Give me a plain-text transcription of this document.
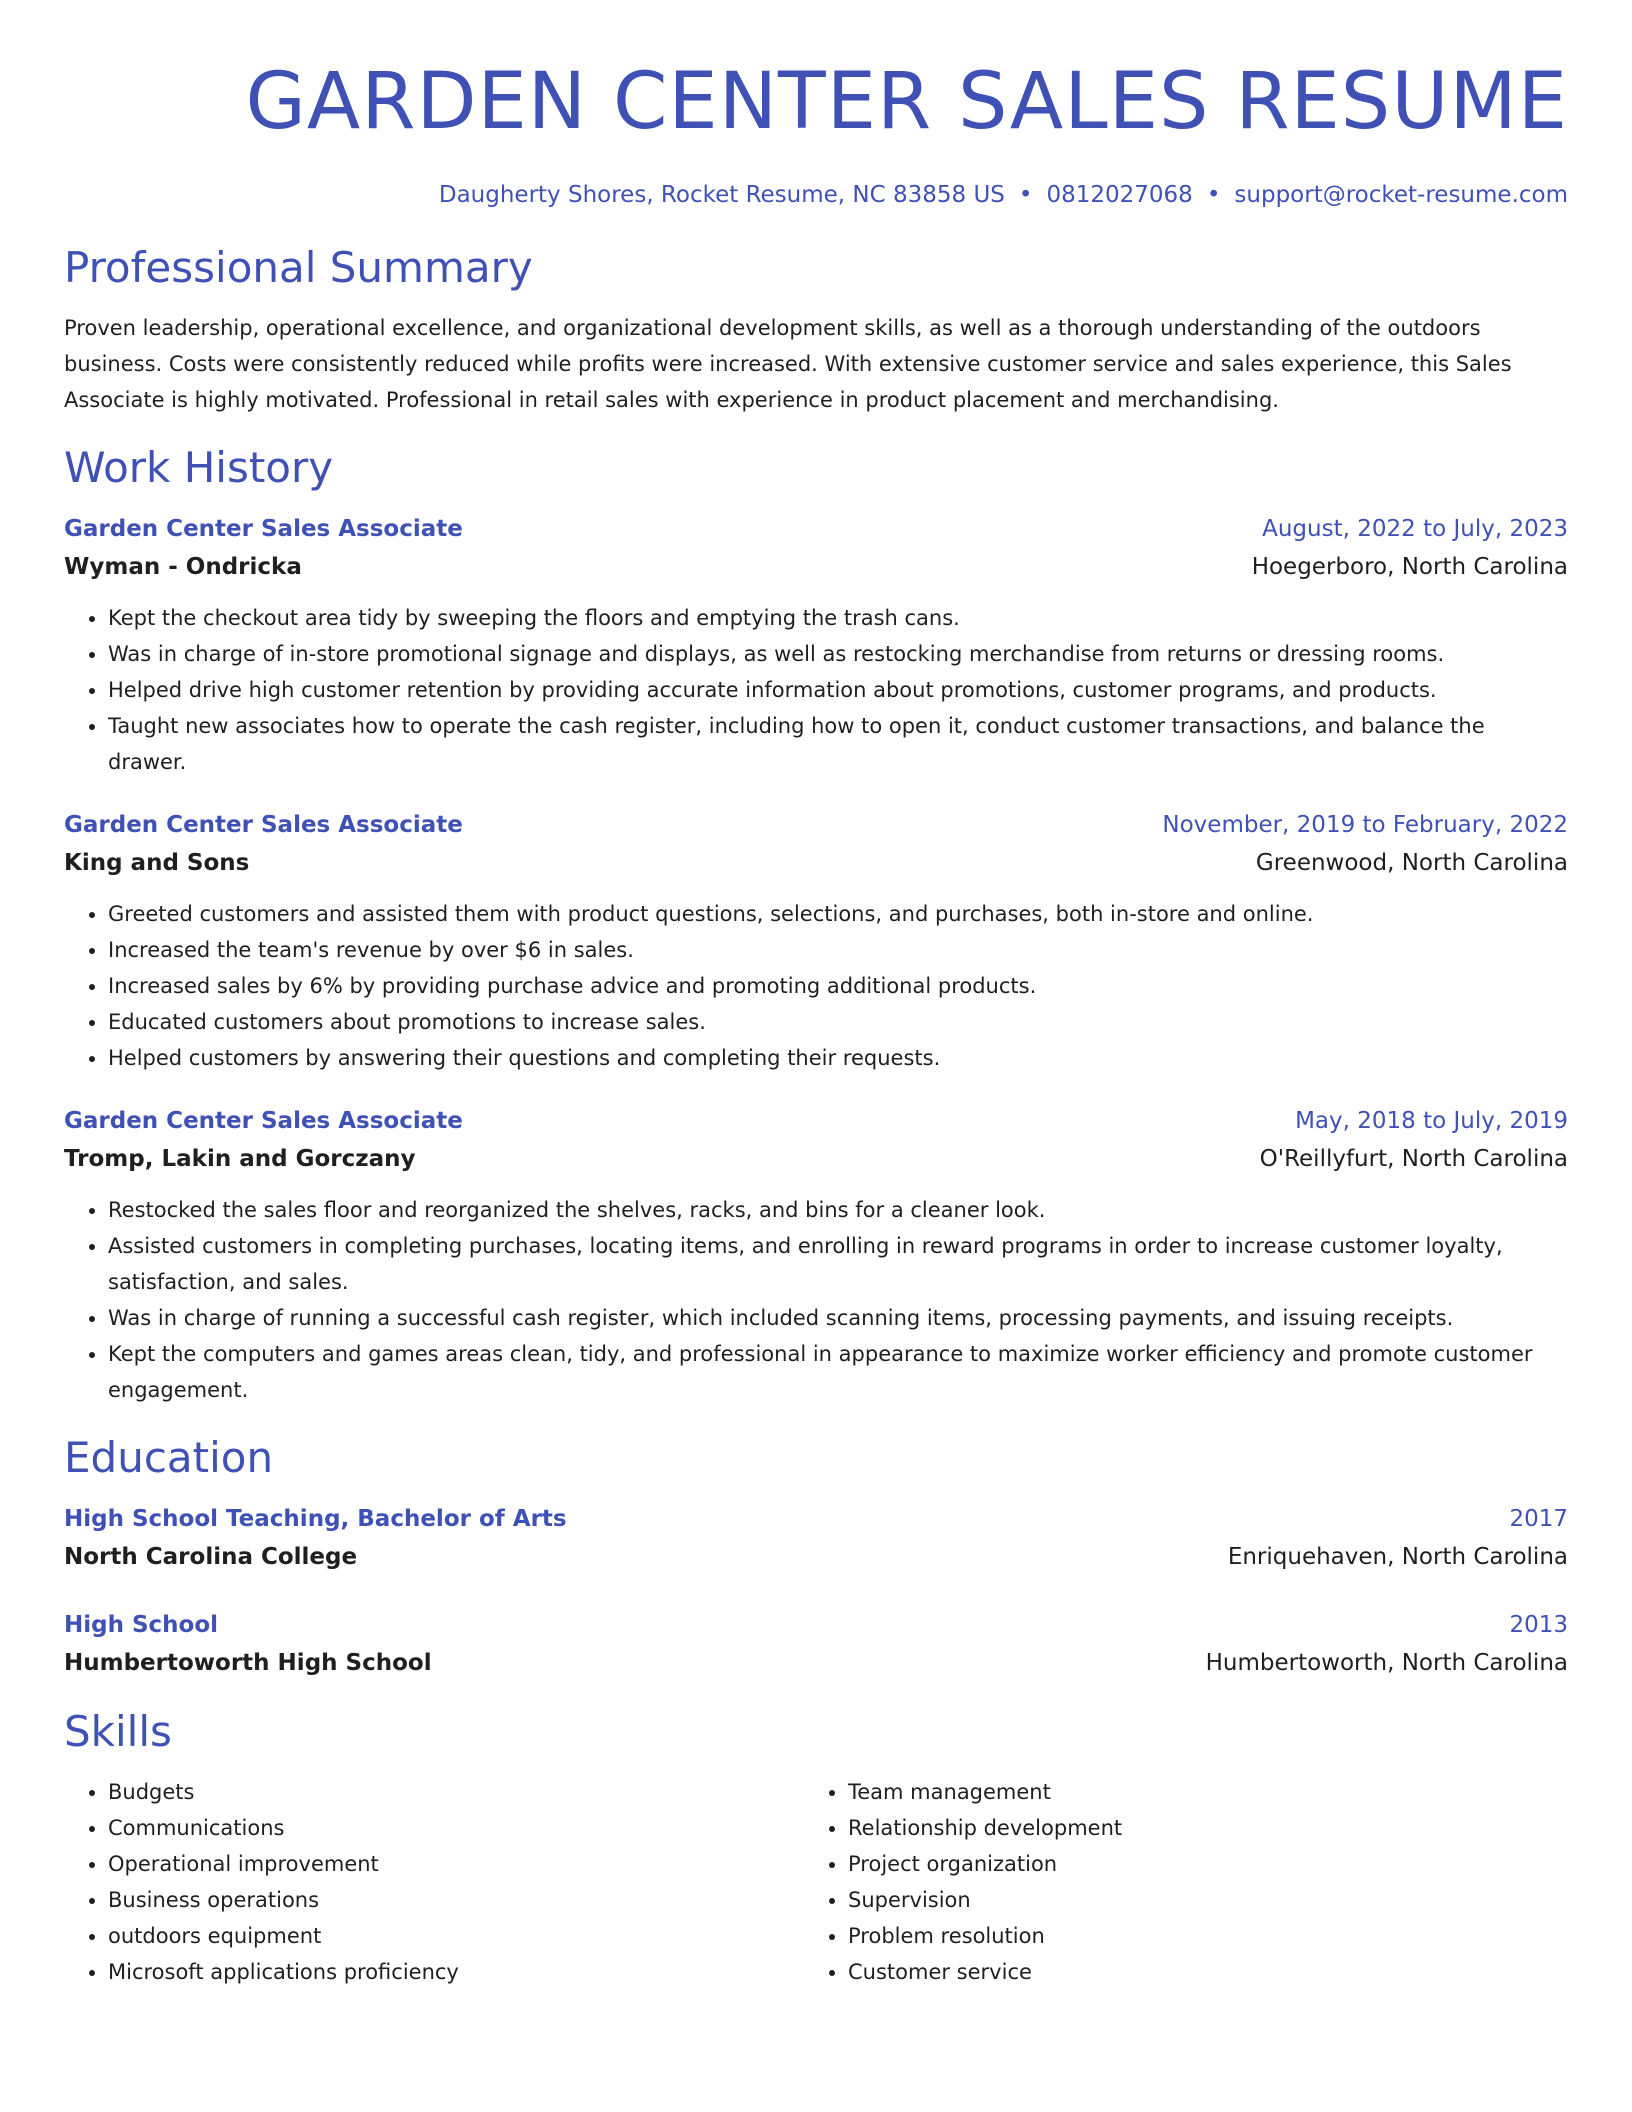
GARDEN CENTER SALES RESUME
Daugherty Shores, Rocket Resume, NC 83858 US • 0812027068 • support@rocket-resume.com
Professional Summary

Proven leadership, operational excellence, and organizational development skills, as well as a thorough understanding of the outdoors business. Costs were consistently reduced while profits were increased. With extensive customer service and sales experience, this Sales Associate is highly motivated. Professional in retail sales with experience in product placement and merchandising.

Work History
Garden Center Sales Associate	August, 2022 to July, 2023
Wyman - Ondricka	Hoegerboro, North Carolina
• Kept the checkout area tidy by sweeping the floors and emptying the trash cans.
• Was in charge of in-store promotional signage and displays, as well as restocking merchandise from returns or dressing rooms.
• Helped drive high customer retention by providing accurate information about promotions, customer programs, and products.
• Taught new associates how to operate the cash register, including how to open it, conduct customer transactions, and balance the drawer.
Garden Center Sales Associate	November, 2019 to February, 2022
King and Sons	Greenwood, North Carolina
• Greeted customers and assisted them with product questions, selections, and purchases, both in-store and online.
• Increased the team's revenue by over $6 in sales.
• Increased sales by 6% by providing purchase advice and promoting additional products.
• Educated customers about promotions to increase sales.
• Helped customers by answering their questions and completing their requests.
Garden Center Sales Associate	May, 2018 to July, 2019
Tromp, Lakin and Gorczany	O'Reillyfurt, North Carolina
• Restocked the sales floor and reorganized the shelves, racks, and bins for a cleaner look.
• Assisted customers in completing purchases, locating items, and enrolling in reward programs in order to increase customer loyalty, satisfaction, and sales.
• Was in charge of running a successful cash register, which included scanning items, processing payments, and issuing receipts.
• Kept the computers and games areas clean, tidy, and professional in appearance to maximize worker efficiency and promote customer engagement.
Education
High School Teaching, Bachelor of Arts	2017
North Carolina College	Enriquehaven, North Carolina
High School	2013
Humbertoworth High School	Humbertoworth, North Carolina
Skills
• Budgets
• Communications
• Operational improvement
• Business operations
• outdoors equipment
• Microsoft applications proficiency
• Team management
• Relationship development
• Project organization
• Supervision
• Problem resolution
• Customer service
